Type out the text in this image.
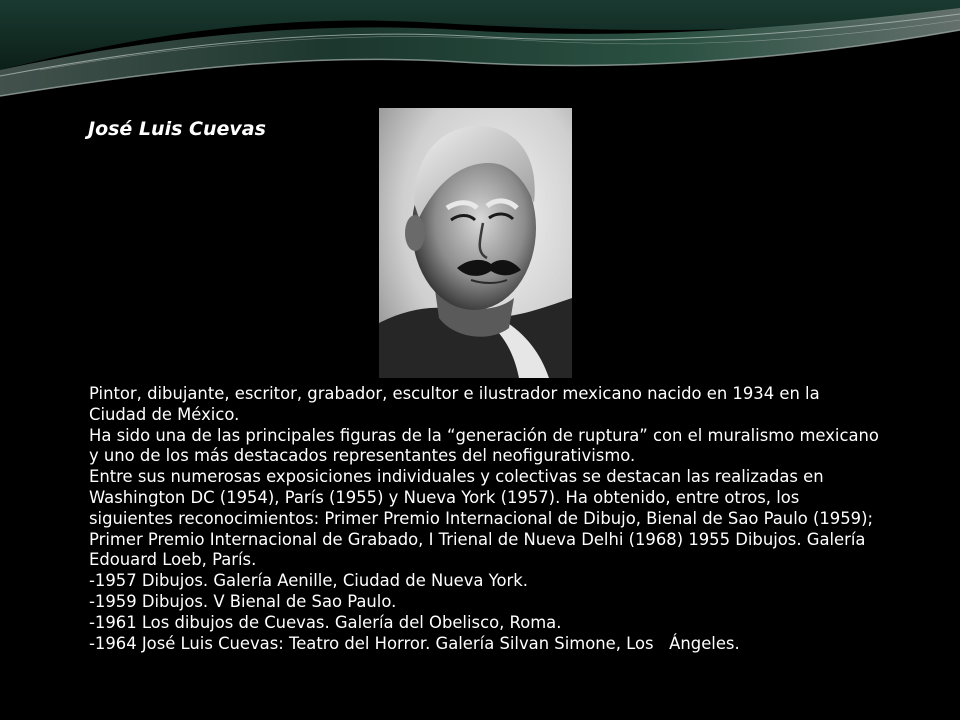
José Luis Cuevas

Pintor, dibujante, escritor, grabador, escultor e ilustrador mexicano nacido en 1934 en la Ciudad de México.

Ha sido una de las principales figuras de la “generación de ruptura” con el muralismo mexicano y uno de los más destacados representantes del neofigurativismo.

Entre sus numerosas exposiciones individuales y colectivas se destacan las realizadas en Washington DC (1954), París (1955) y Nueva York (1957). Ha obtenido, entre otros, los siguientes reconocimientos: Primer Premio Internacional de Dibujo, Bienal de Sao Paulo (1959); Primer Premio Internacional de Grabado, I Trienal de Nueva Delhi (1968) 1955 Dibujos. Galería Edouard Loeb, París.

-1957 Dibujos. Galería Aenille, Ciudad de Nueva York.

-1959 Dibujos. V Bienal de Sao Paulo.

-1961 Los dibujos de Cuevas. Galería del Obelisco, Roma.

-1964 José Luis Cuevas: Teatro del Horror. Galería Silvan Simone, Los   Ángeles.
